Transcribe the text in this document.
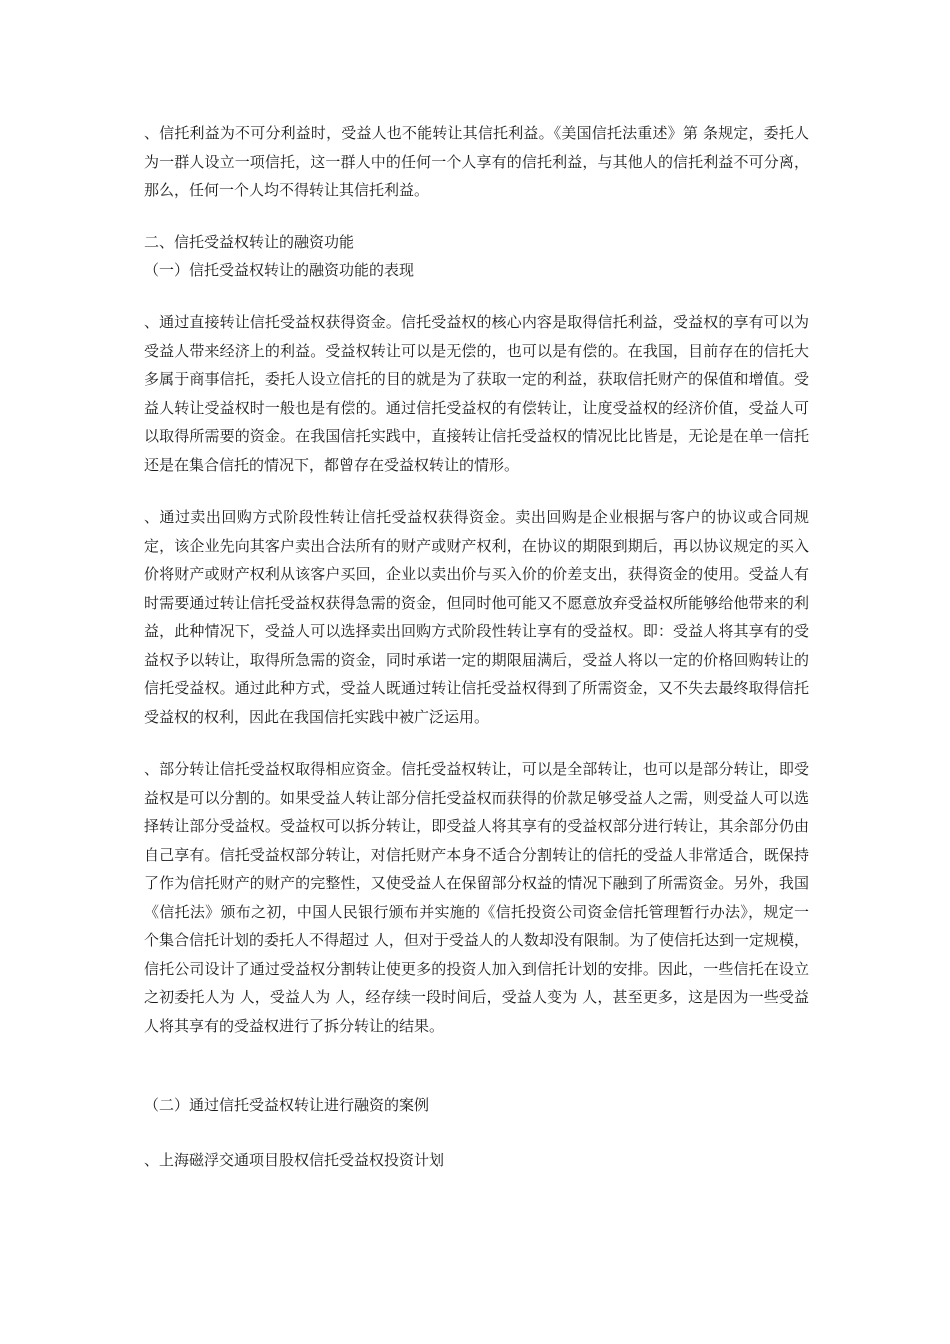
、信托利益为不可分利益时，受益人也不能转让其信托利益。《美国信托法重述》第 条规定，委托人为一群人设立一项信托，这一群人中的任何一个人享有的信托利益，与其他人的信托利益不可分离，那么，任何一个人均不得转让其信托利益。
二、信托受益权转让的融资功能
（一）信托受益权转让的融资功能的表现
、通过直接转让信托受益权获得资金。信托受益权的核心内容是取得信托利益，受益权的享有可以为受益人带来经济上的利益。受益权转让可以是无偿的，也可以是有偿的。在我国，目前存在的信托大多属于商事信托，委托人设立信托的目的就是为了获取一定的利益，获取信托财产的保值和增值。受益人转让受益权时一般也是有偿的。通过信托受益权的有偿转让，让度受益权的经济价值，受益人可以取得所需要的资金。在我国信托实践中，直接转让信托受益权的情况比比皆是，无论是在单一信托还是在集合信托的情况下，都曾存在受益权转让的情形。
、通过卖出回购方式阶段性转让信托受益权获得资金。卖出回购是企业根据与客户的协议或合同规定，该企业先向其客户卖出合法所有的财产或财产权利，在协议的期限到期后，再以协议规定的买入价将财产或财产权利从该客户买回，企业以卖出价与买入价的价差支出，获得资金的使用。受益人有时需要通过转让信托受益权获得急需的资金，但同时他可能又不愿意放弃受益权所能够给他带来的利益，此种情况下，受益人可以选择卖出回购方式阶段性转让享有的受益权。即：受益人将其享有的受益权予以转让，取得所急需的资金，同时承诺一定的期限届满后，受益人将以一定的价格回购转让的信托受益权。通过此种方式，受益人既通过转让信托受益权得到了所需资金，又不失去最终取得信托受益权的权利，因此在我国信托实践中被广泛运用。
、部分转让信托受益权取得相应资金。信托受益权转让，可以是全部转让，也可以是部分转让，即受益权是可以分割的。如果受益人转让部分信托受益权而获得的价款足够受益人之需，则受益人可以选择转让部分受益权。受益权可以拆分转让，即受益人将其享有的受益权部分进行转让，其余部分仍由自己享有。信托受益权部分转让，对信托财产本身不适合分割转让的信托的受益人非常适合，既保持了作为信托财产的财产的完整性，又使受益人在保留部分权益的情况下融到了所需资金。另外，我国《信托法》颁布之初，中国人民银行颁布并实施的《信托投资公司资金信托管理暂行办法》，规定一个集合信托计划的委托人不得超过 人，但对于受益人的人数却没有限制。为了使信托达到一定规模，信托公司设计了通过受益权分割转让使更多的投资人加入到信托计划的安排。因此，一些信托在设立之初委托人为 人，受益人为 人，经存续一段时间后，受益人变为 人，甚至更多，这是因为一些受益人将其享有的受益权进行了拆分转让的结果。
（二）通过信托受益权转让进行融资的案例
、上海磁浮交通项目股权信托受益权投资计划
